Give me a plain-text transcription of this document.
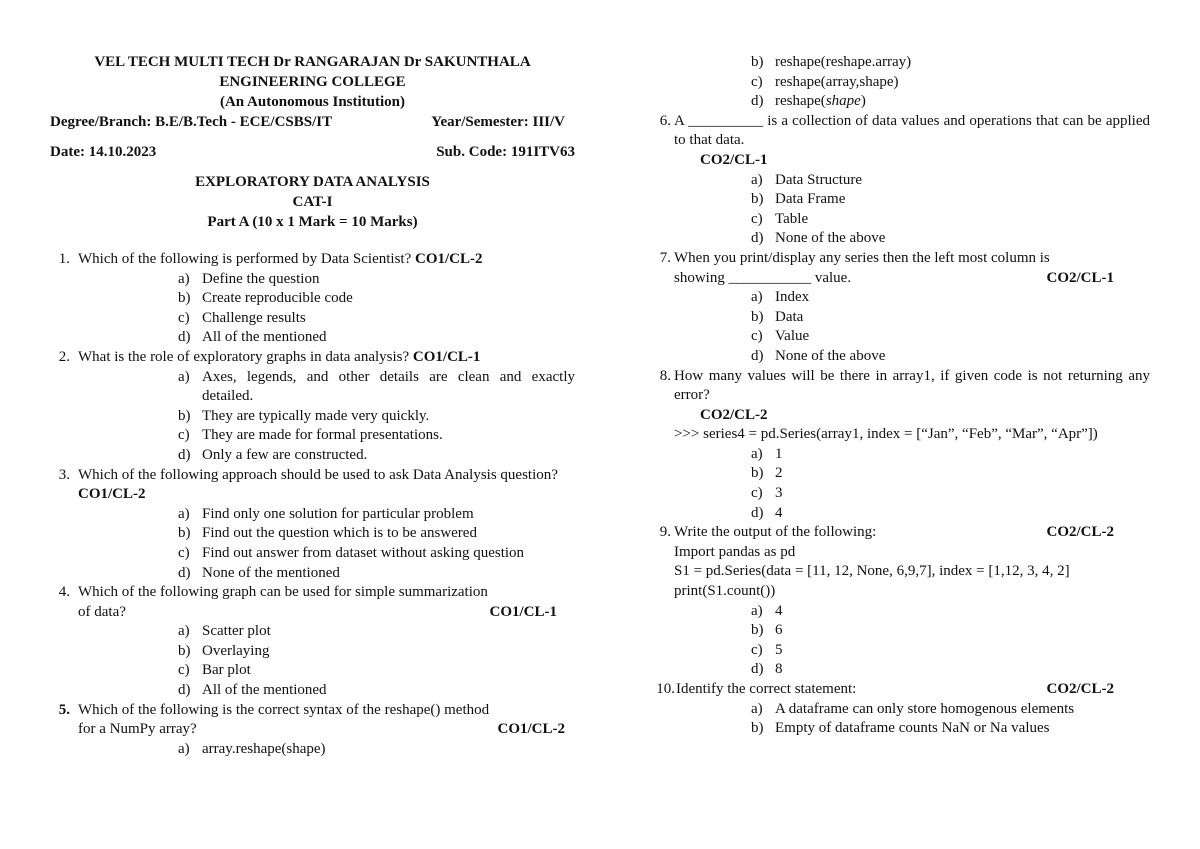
VEL TECH MULTI TECH Dr RANGARAJAN Dr SAKUNTHALA
ENGINEERING COLLEGE
(An Autonomous Institution)
Degree/Branch: B.E/B.Tech - ECE/CSBS/IT	Year/Semester: III/V
Date: 14.10.2023	Sub. Code: 191ITV63
EXPLORATORY DATA ANALYSIS
CAT-I
Part A (10 x 1 Mark = 10 Marks)
1. Which of the following is performed by Data Scientist? CO1/CL-2
a) Define the question
b) Create reproducible code
c) Challenge results
d) All of the mentioned
2. What is the role of exploratory graphs in data analysis? CO1/CL-1
a) Axes, legends, and other details are clean and exactly detailed.
b) They are typically made very quickly.
c) They are made for formal presentations.
d) Only a few are constructed.
3. Which of the following approach should be used to ask Data Analysis question?
CO1/CL-2
a) Find only one solution for particular problem
b) Find out the question which is to be answered
c) Find out answer from dataset without asking question
d) None of the mentioned
4. Which of the following graph can be used for simple summarization
of data?	CO1/CL-1
a) Scatter plot
b) Overlaying
c) Bar plot
d) All of the mentioned
5. Which of the following is the correct syntax of the reshape() method
for a NumPy array?	CO1/CL-2
a) array.reshape(shape)
b) reshape(reshape.array)
c) reshape(array,shape)
d) reshape(shape)
6. A __________ is a collection of data values and operations that can be applied to that data.
CO2/CL-1
a) Data Structure
b) Data Frame
c) Table
d) None of the above
7. When you print/display any series then the left most column is
showing ___________ value.	CO2/CL-1
a) Index
b) Data
c) Value
d) None of the above
8. How many values will be there in array1, if given code is not returning any error?
CO2/CL-2
>>> series4 = pd.Series(array1, index = [“Jan”, “Feb”, “Mar”, “Apr”])
a) 1
b) 2
c) 3
d) 4
9. Write the output of the following:	CO2/CL-2
Import pandas as pd
S1 = pd.Series(data = [11, 12, None, 6,9,7], index = [1,12, 3, 4, 2]
print(S1.count())
a) 4
b) 6
c) 5
d) 8
10. Identify the correct statement:	CO2/CL-2
a) A dataframe can only store homogenous elements
b) Empty of dataframe counts NaN or Na values
